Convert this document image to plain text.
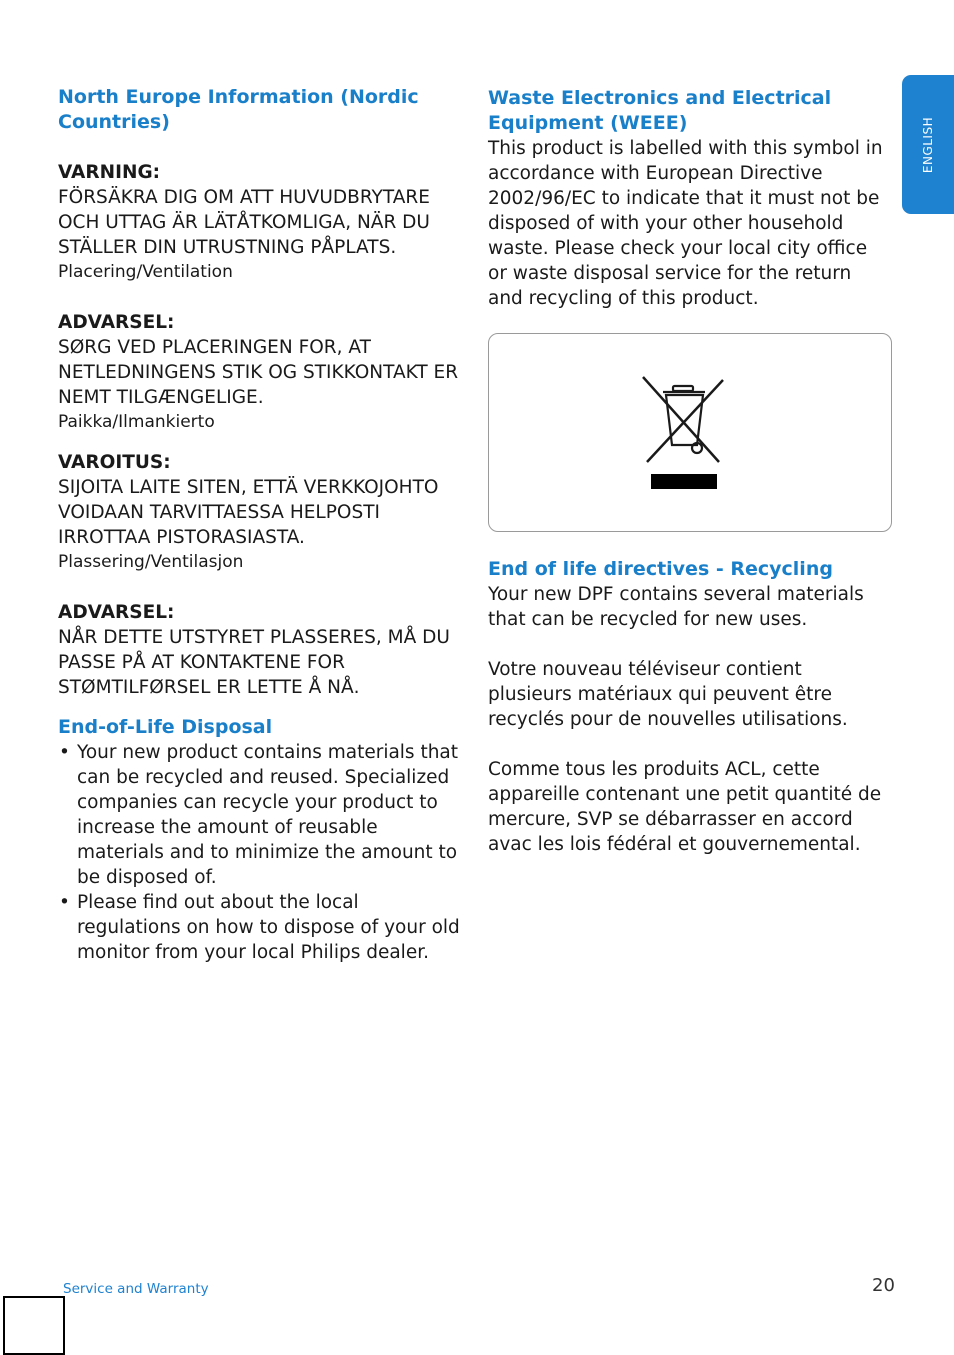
ENGLISH

North Europe Information (Nordic Countries)

VARNING:

FÖRSÄKRA DIG OM ATT HUVUDBRYTARE OCH UTTAG ÄR LÄTÅTKOMLIGA, NÄR DU STÄLLER DIN UTRUSTNING PÅPLATS.

Placering/Ventilation

ADVARSEL:

SØRG VED PLACERINGEN FOR, AT NETLEDNINGENS STIK OG STIKKONTAKT ER NEMT TILGÆNGELIGE.

Paikka/Ilmankierto

VAROITUS:

SIJOITA LAITE SITEN, ETTÄ VERKKOJOHTO VOIDAAN TARVITTAESSA HELPOSTI IRROTTAA PISTORASIASTA.

Plassering/Ventilasjon

ADVARSEL:

NÅR DETTE UTSTYRET PLASSERES, MÅ DU PASSE PÅ AT KONTAKTENE FOR STØMTILFØRSEL ER LETTE Å NÅ.

End-of-Life Disposal

• Your new product contains materials that can be recycled and reused. Specialized companies can recycle your product to increase the amount of reusable materials and to minimize the amount to be disposed of.
• Please find out about the local regulations on how to dispose of your old monitor from your local Philips dealer.

Waste Electronics and Electrical Equipment (WEEE)

This product is labelled with this symbol in accordance with European Directive 2002/96/EC to indicate that it must not be disposed of with your other household waste. Please check your local city office or waste disposal service for the return and recycling of this product.

End of life directives - Recycling

Your new DPF contains several materials that can be recycled for new uses.

Votre nouveau téléviseur contient plusieurs matériaux qui peuvent être recyclés pour de nouvelles utilisations.

Comme tous les produits ACL, cette appareille contenant une petit quantité de mercure, SVP se débarrasser en accord avac les lois fédéral et gouvernemental.

Service and Warranty	20
